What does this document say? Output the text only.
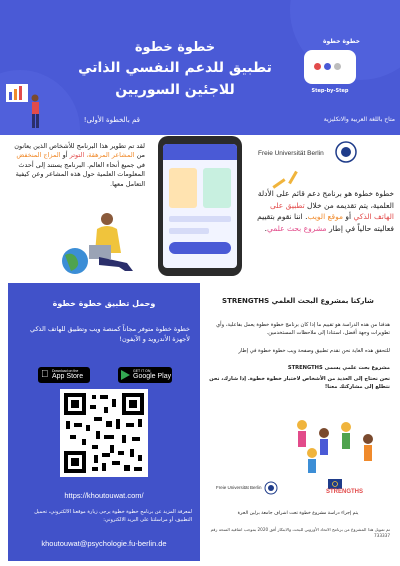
خطوة خطوة
Step-by-Step
خطوة خطوة
تطبيق للدعم النفسي الذاتي
للاجئين السوريين
متاح باللغة العربية والانكليزية
قم بالخطوة الأولى!
لقد تم تطوير هذا البرنامج للأشخاص الذين يعانون من المشاعر المرهقة، التوتر أو المزاج المنخفض في جميع أنحاء العالم. البرنامج يستند إلى أحدث المعلومات العلمية حول هذه المشاعر وعن كيفية التعامل معها.
Freie Universität Berlin
خطوة خطوة هو برنامج دعم قائم على الأدلة العلمية، يتم تقديمه من خلال تطبيق على الهاتف الذكي أو موقع الويب. اننا نقوم بتقييم فعاليته حالياً في إطار مشروع بحث علمي.
وحمل تطبيق خطوة خطوة
خطوة خطوة متوفر مجاناً كمنصة ويب وتطبيق للهاتف الذكي لأجهزة الأندرويد و الآيفون!
Download on the
App Store
GET IT ON
Google Play
https://khoutouwat.com/
لمعرفة المزيد عن برنامج خطوة خطوة يرجى زيارة موقعنا الالكتروني، تحميل التطبيق، أو مراسلتنا على البريد الالكتروني:
khoutouwat@psychologie.fu-berlin.de
شاركنا بمشروع البحث العلمي STRENGTHS
هدفنا من هذه الدراسة هو تقييم ما إذا كان برنامج خطوة خطوة يعمل بفاعلية، وأي تطويرات وجهة أفضل، استنادا إلى ملاحظات المستخدمين.
للتحقق هذه الغاية نحن نقدم تطبيق وصفحة ويب خطوة خطوة في إطار
مشروع بحث علمي يسمى STRENGTHS
نحن نحتاج إلى العديد من الأشخاص لاختبار خطوة خطوة. إذا شارك، نحن نتطلع إلى مشاركتك معنا!
Freie Universität Berlin
STRENGTHS
يتم إجراء دراسة مشروع خطوة تحت اشراف جامعة برلين الحرة
تم تمويل هذا المشروع من برنامج الاتحاد الأوروبي للبحث والابتكار أفق 2020 بموجب اتفاقية المنحة رقم 733337
